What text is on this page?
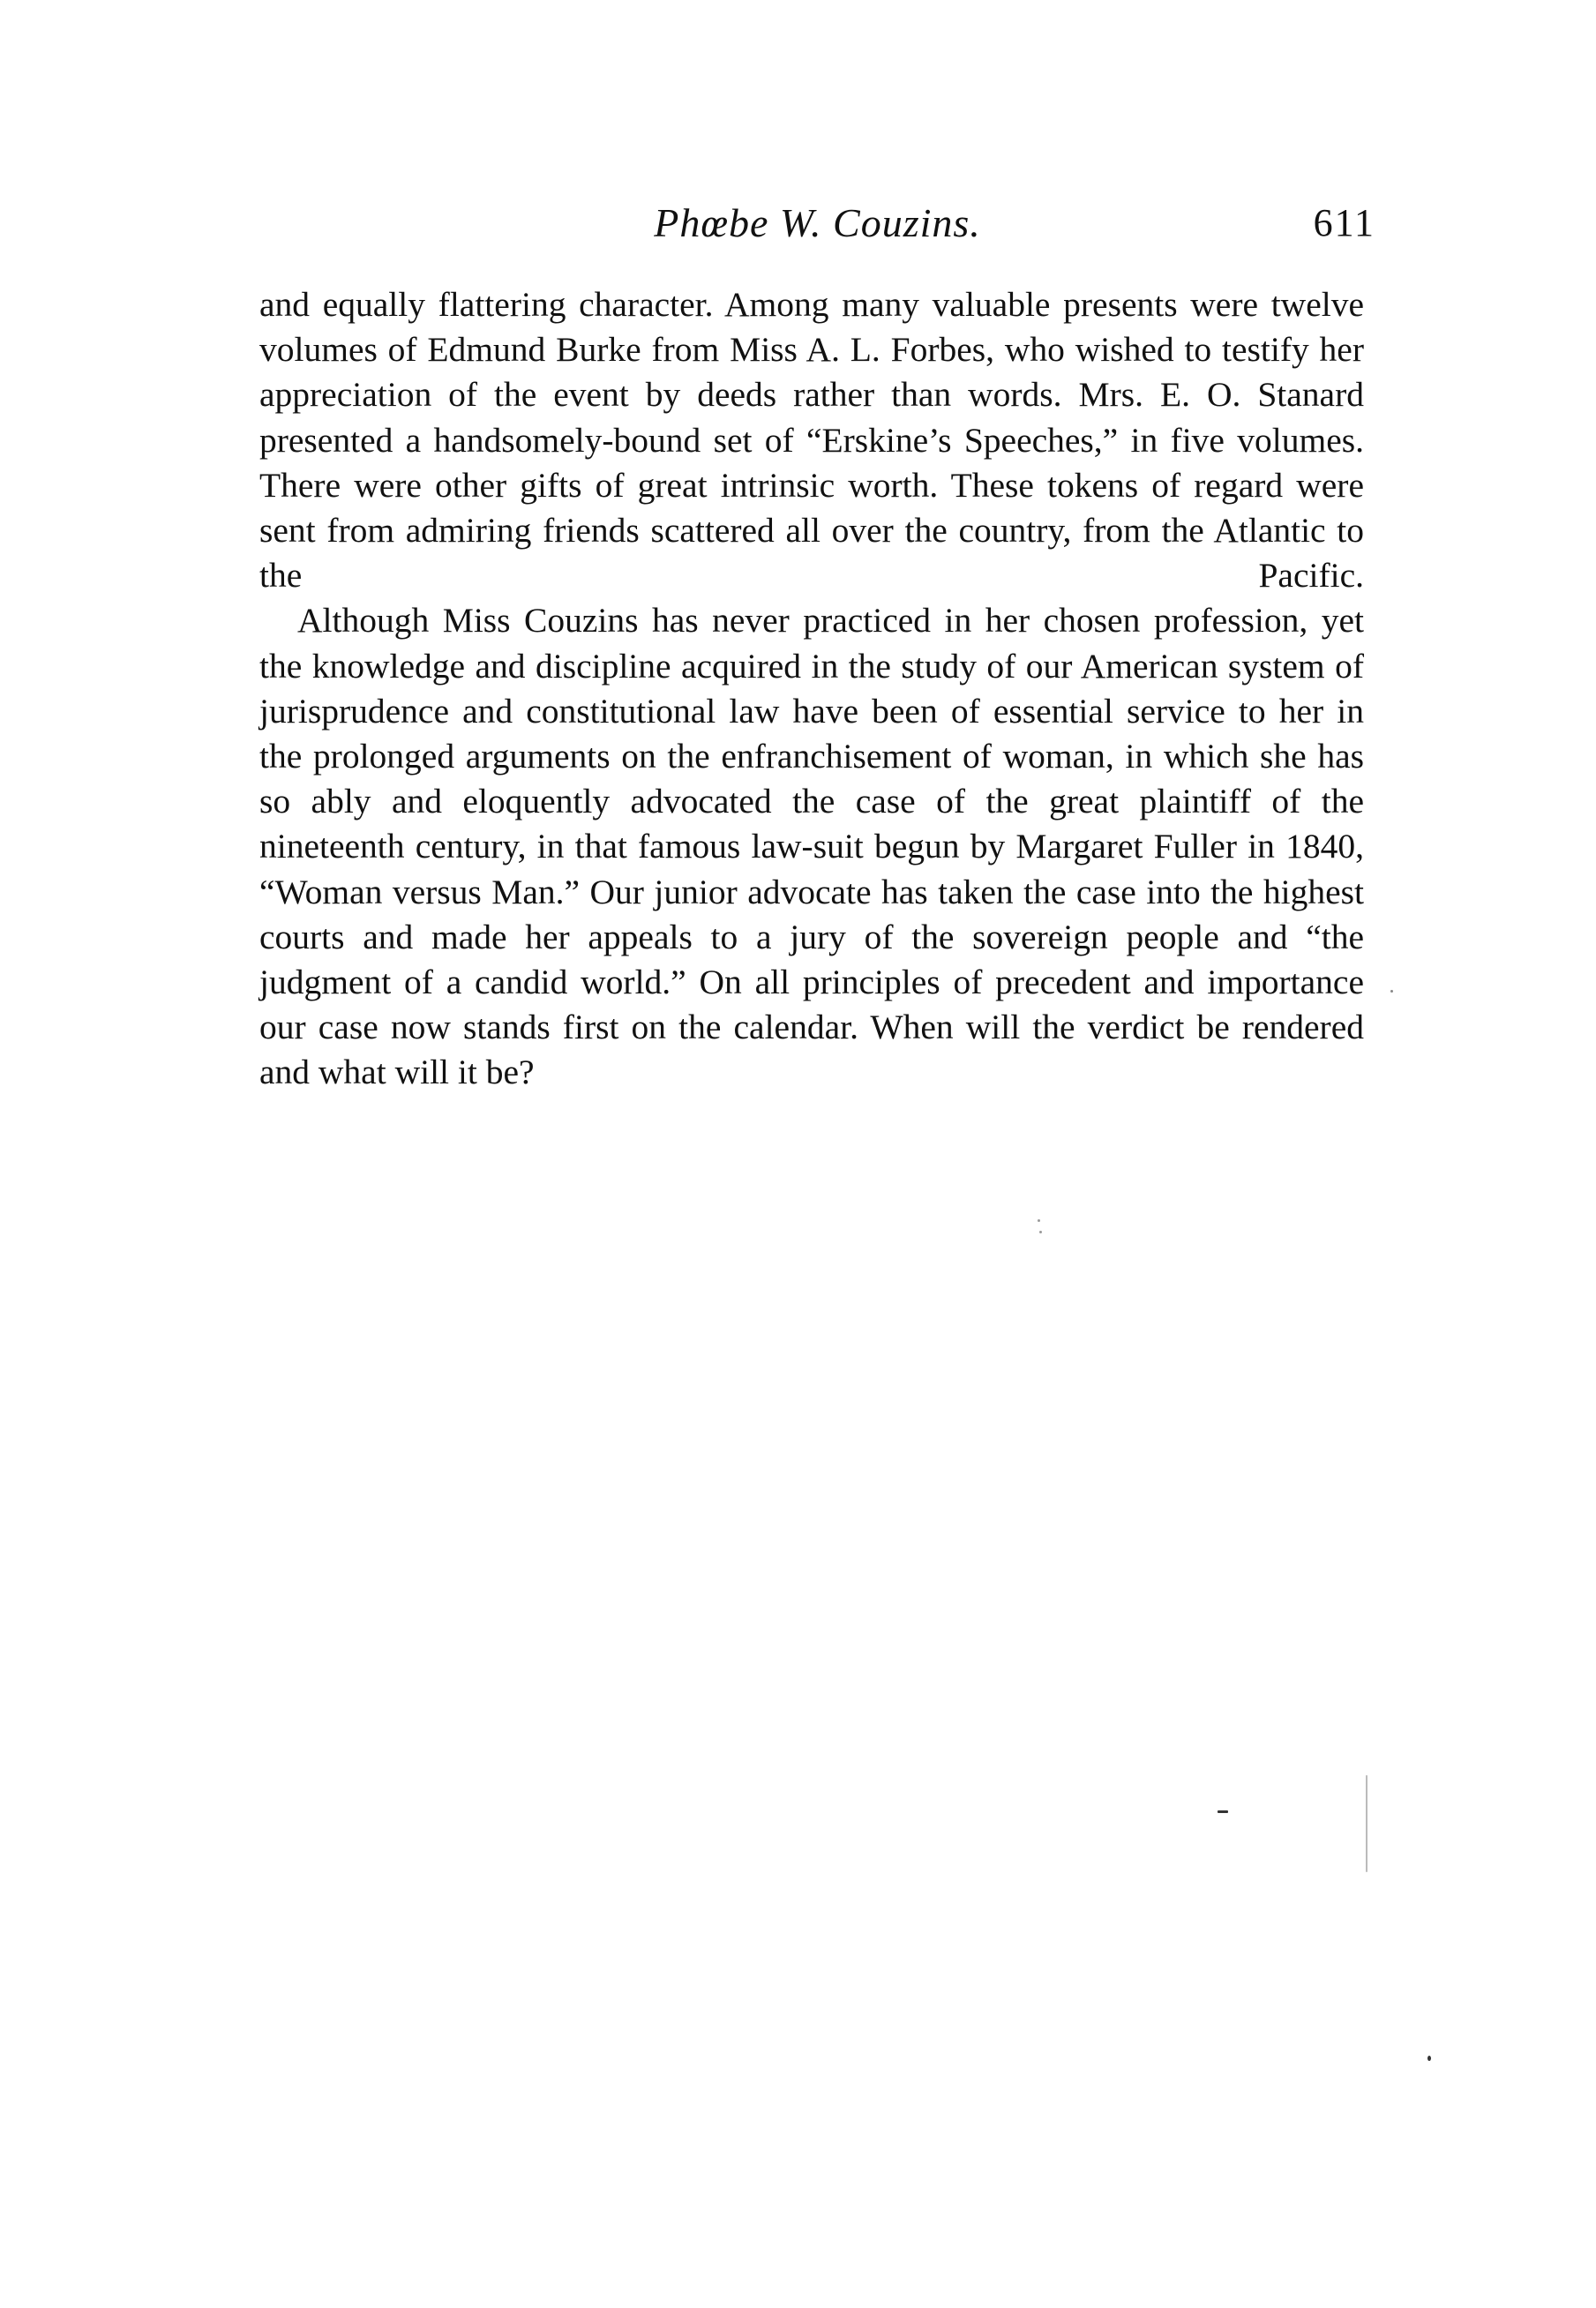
Phœbe W. Couzins.	611

and equally flattering character. Among many valuable presents were twelve volumes of Edmund Burke from Miss A. L. Forbes, who wished to testify her appreciation of the event by deeds rather than words. Mrs. E. O. Stanard presented a handsomely-bound set of “Erskine’s Speeches,” in five volumes. There were other gifts of great intrinsic worth. These tokens of regard were sent from admiring friends scattered all over the country, from the Atlantic to the Pacific.

Although Miss Couzins has never practiced in her chosen profession, yet the knowledge and discipline acquired in the study of our American system of jurisprudence and constitutional law have been of essential service to her in the prolonged arguments on the enfranchisement of woman, in which she has so ably and eloquently advocated the case of the great plaintiff of the nineteenth century, in that famous law-suit begun by Margaret Fuller in 1840, “Woman versus Man.” Our junior advocate has taken the case into the highest courts and made her appeals to a jury of the sovereign people and “the judgment of a candid world.” On all principles of precedent and importance our case now stands first on the calendar. When will the verdict be rendered and what will it be?
